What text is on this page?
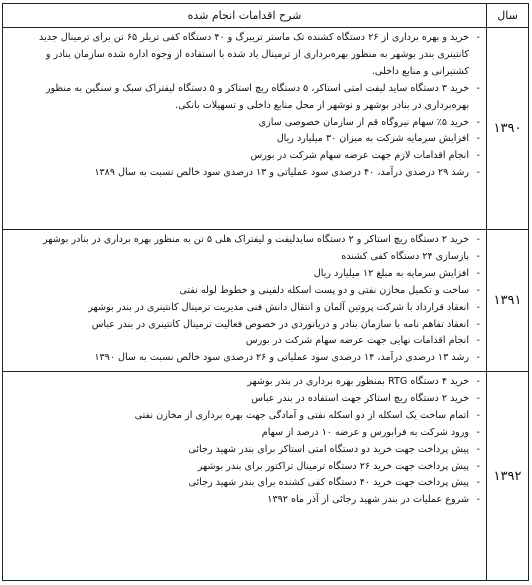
شرح اقدامات انجام شده	سال
- خرید و بهره برداری از ۲۶ دستگاه کشنده تک ماستر تریبرگ و ۴۰ دستگاه کفی تریلر ۶۵ تن برای ترمینال جدید کانتینری بندر بوشهر به منظور بهره‌برداری از ترمینال یاد شده با استفاده از وجوه اداره شده سازمان بنادر و کشتیرانی و منابع داخلی.
- خرید ۳ دستگاه ساید لیفت امتی استاکر، ۵ دستگاه ریچ استاکر و ۵ دستگاه لیفتراک سبک و سنگین به منظور بهره‌برداری در بنادر بوشهر و نوشهر از محل منابع داخلی و تسهیلات بانکی.
- خرید ۵٪ سهام نیروگاه قم از سازمان خصوصی سازی
- افزایش سرمایه شرکت به میزان ۳۰ میلیارد ریال
- انجام اقدامات لازم جهت عرضه سهام شرکت در بورس
- رشد ۲۹ درصدی درآمد، ۴۰ درصدی سود عملیاتی و ۱۳ درصدی سود خالص نسبت به سال ۱۳۸۹
۱۳۹۰
- خرید ۲ دستگاه ریچ استاکر و ۲ دستگاه سایدلیفت و لیفتراک هلی ۵ تن به منظور بهره برداری در بنادر بوشهر
- بازسازی ۲۴ دستگاه کفی کشنده
- افزایش سرمایه به مبلغ ۱۲ میلیارد ریال
- ساخت و تکمیل مخازن نفتی و دو پست اسکله دلفینی و خطوط لوله نفتی
- انعقاد قرارداد با شرکت پروتین آلمان و انتقال دانش فنی مدیریت ترمینال کانتینری در بندر بوشهر
- انعقاد تفاهم نامه با سازمان بنادر و دریانوردی در خصوص فعالیت ترمینال کانتینری در بندر عباس
- انجام اقدامات نهایی جهت عرضه سهام شرکت در بورس
- رشد ۱۳ درصدی درآمد، ۱۴ درصدی سود عملیاتی و ۲۶ درصدی سود خالص نسبت به سال ۱۳۹۰
۱۳۹۱
- خرید ۴ دستگاه RTG بمنظور بهره برداری در بندر بوشهر
- خرید ۲ دستگاه ریچ استاکر جهت استفاده در بندر عباس
- اتمام ساخت یک اسکله از دو اسکله نفتی و آمادگی جهت بهره برداری از مخازن نفتی
- ورود شرکت به فرابورس و عرضه ۱۰ درصد از سهام
- پیش پرداخت جهت خرید دو دستگاه امتی استاکر برای بندر شهید رجائی
- پیش پرداخت جهت خرید ۲۶ دستگاه ترمینال تراکتور برای بندر بوشهر
- پیش پرداخت جهت خرید ۴۰ دستگاه کفی کشنده برای بندر شهید رجائی
- شروع عملیات در بندر شهید رجائی از آذر ماه ۱۳۹۲
۱۳۹۲
